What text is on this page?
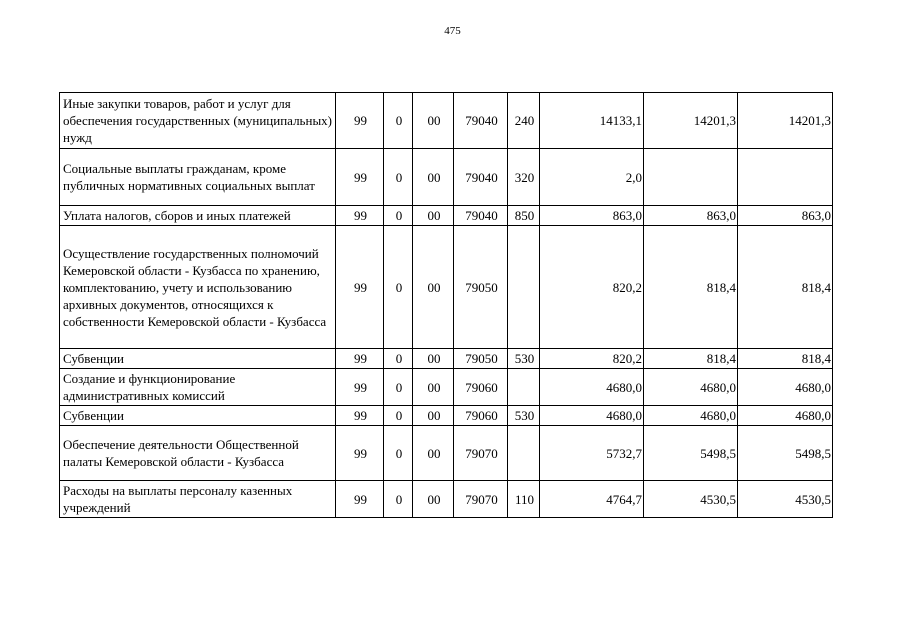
475
Иные закупки товаров, работ и услуг для обеспечения государственных (муниципальных) нужд	99	0	00	79040	240	14133,1	14201,3	14201,3
Социальные выплаты гражданам, кроме публичных нормативных социальных выплат	99	0	00	79040	320	2,0		
Уплата налогов, сборов и иных платежей	99	0	00	79040	850	863,0	863,0	863,0
Осуществление государственных полномочий Кемеровской области - Кузбасса по хранению, комплектованию, учету и использованию архивных документов, относящихся к собственности Кемеровской области - Кузбасса	99	0	00	79050		820,2	818,4	818,4
Субвенции	99	0	00	79050	530	820,2	818,4	818,4
Создание и функционирование административных комиссий	99	0	00	79060		4680,0	4680,0	4680,0
Субвенции	99	0	00	79060	530	4680,0	4680,0	4680,0
Обеспечение деятельности Общественной палаты Кемеровской области - Кузбасса	99	0	00	79070		5732,7	5498,5	5498,5
Расходы на выплаты персоналу казенных учреждений	99	0	00	79070	110	4764,7	4530,5	4530,5
